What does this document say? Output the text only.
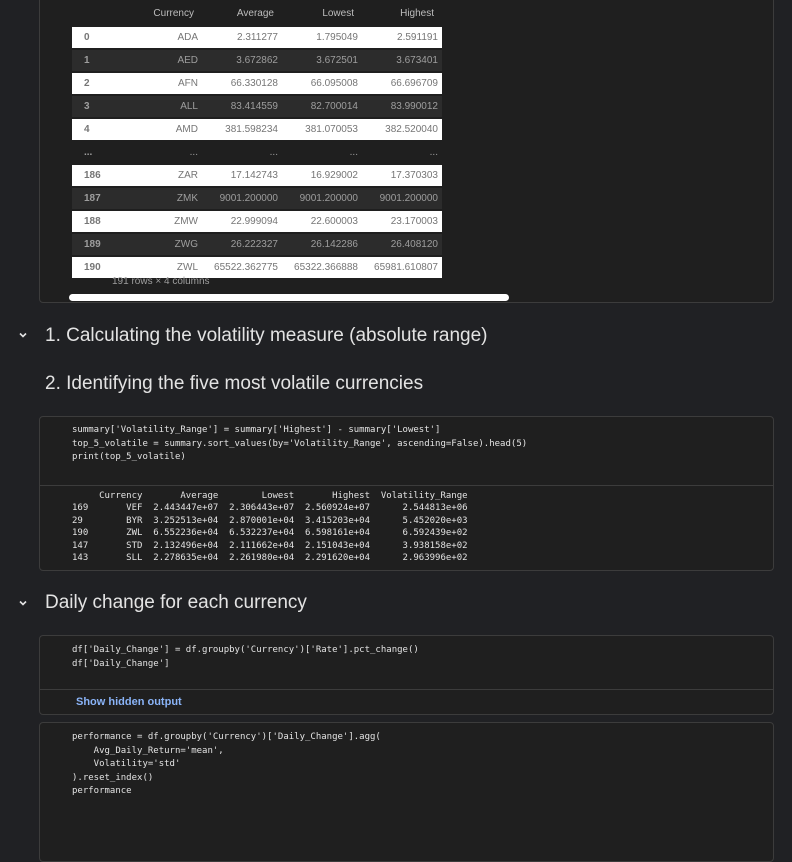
	Currency	Average	Lowest	Highest
0	ADA	2.311277	1.795049	2.591191
1	AED	3.672862	3.672501	3.673401
2	AFN	66.330128	66.095008	66.696709
3	ALL	83.414559	82.700014	83.990012
4	AMD	381.598234	381.070053	382.520040
...	...	...	...	...
186	ZAR	17.142743	16.929002	17.370303
187	ZMK	9001.200000	9001.200000	9001.200000
188	ZMW	22.999094	22.600003	23.170003
189	ZWG	26.222327	26.142286	26.408120
190	ZWL	65522.362775	65322.366888	65981.610807
191 rows × 4 columns
1. Calculating the volatility measure (absolute range)
2. Identifying the five most volatile currencies
summary['Volatility_Range'] = summary['Highest'] - summary['Lowest']
top_5_volatile = summary.sort_values(by='Volatility_Range', ascending=False).head(5)
print(top_5_volatile)
Currency       Average        Lowest       Highest  Volatility_Range
169       VEF  2.443447e+07  2.306443e+07  2.560924e+07      2.544813e+06
29        BYR  3.252513e+04  2.870001e+04  3.415203e+04      5.452020e+03
190       ZWL  6.552236e+04  6.532237e+04  6.598161e+04      6.592439e+02
147       STD  2.132496e+04  2.111662e+04  2.151043e+04      3.938158e+02
143       SLL  2.278635e+04  2.261980e+04  2.291620e+04      2.963996e+02
Daily change for each currency
df['Daily_Change'] = df.groupby('Currency')['Rate'].pct_change()
df['Daily_Change']
Show hidden output
performance = df.groupby('Currency')['Daily_Change'].agg(
Avg_Daily_Return='mean',
Volatility='std'
).reset_index()
performance
